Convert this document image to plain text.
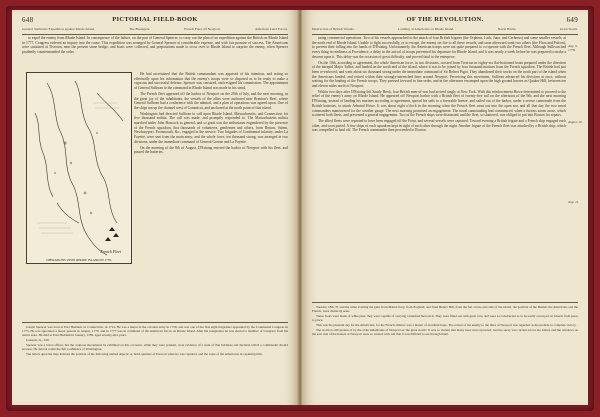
648	PICTORIAL FIELD-BOOK
General Sullivan's Expedition against Rhode Island.	The Besiegers.	French Fleet off Newport.	American Land Forces.

to expel the enemy from Rhode Island. In consequence of the failure, on the part of General Spencer, to carry out the plan of an expedition against the British on Rhode Island in 1777, Congress ordered an inquiry into the cause. This expedition was arranged by General Spencer at considerable expense, and with fair promise of success. The Americans were stationed at Tiverton, near the present stone bridge, and boats were collected, and preparations made to cross over to Rhode Island to surprise the enemy, when Spencer prudently countermanded the order.

French Fleet
OPERATIONS UPON RHODE ISLAND IN 1778.

He had ascertained that the British commandant was apprised of his intention, and acting so effectually upon his information that the enemy's troops were so disposed as to be ready to make a vigorous and successful defense. Spencer was censured, and resigned his commission. The appointment of General Sullivan to the command in Rhode Island was made in his stead.

The French fleet appeared off the harbor of Newport on the 29th of July, and the next morning, in the great joy of the inhabitants, the vessels of the allies were anchored near Brenton's Reef, where General Sullivan had a conference with the admiral, and a plan of operations was agreed upon. One of the ships ran up the channel west of Conanicut, and anchored at the north point of that island.

Washington had directed Sullivan to call upon Rhode Island, Massachusetts, and Connecticut for five thousand militia. The call was made, and promptly responded to. The Massachusetts militia marched under John Hancock as general; and so great was the enthusiasm engendered by the presence of the French squadron, that thousands of volunteers, gentlemen and others, from Boston, Salem, Newburyport, Portsmouth, &c., engaged in the service. Two brigades of Continental infantry, under La Fayette, were sent from the main army; and the whole force, ten thousand strong, was arranged in two divisions, under the immediate command of General Greene and La Fayette.

On the morning of the 8th of August, D'Estaing entered the harbor of Newport with his fleet, and passed the batteries.

Joseph Spencer was born at East Haddam, in Connecticut, in 1714. He was a major in the colonial army in 1758, and was one of the first eight brigadiers appointed by the Continental Congress in 1775. He was appointed a major general in August, 1776, and in 1777 was in command of the American forces on Rhode Island. After his resignation he was elected a member of Congress from his native state. He died at East Haddam in January, 1789, aged seventy-five years.

Journals, ix., 320.

Spencer was a brave officer, but the cautious movements he exhibited on this occasion, while they were prudent, were evidence of a want of that boldness and decision which a commander should possess. He did not retain the full confidence of Washington.

The letters upon the map indicate the position of the following named objects: A, head-quarters of Prescott when he was captured, and the route of the Americans in capturing him.

OF THE REVOLUTION.	649
Destruction of British Vessels.	Landing of Americans on Rhode Island.	Naval Battle.	Great Storm.

tating commercial operations. Two of his vessels approached to the attack of four British frigates (the Orpheus, Lark, Juno, and Cerberus) and some smaller vessels, at the north end of Rhode Island. Unable to fight successfully, or to escape, the enemy set fire to all these vessels, and soon afterward sunk two others (the Flora and Falcon), to prevent their falling into the hands of D'Estaing. Unfortunately, the American troops were not quite prepared to co-operate with the French fleet. Although Sullivan had every thing in readiness at Providence, a delay in the arrival of troops prevented his departure for Rhode Island, and it was nearly a week before he was prepared to make a descent upon it. This delay was the occasion of great difficulty, and proved fatal to the enterprise.

On the 10th, according to agreement, the whole American force, in two divisions, crossed from Tiverton in eighty-six flat-bottomed boats prepared under the direction of the intrepid Major Talbot, and landed on the north end of the island, where it was to be joined by four thousand marines from the French squadron. The British had just been re-enforced, and went about six thousand strong under the immediate command of Sir Robert Pigot. They abandoned their works on the north part of the island when the Americans landed, and retired within their strongly-intrenched lines around Newport. Perceiving this movement, Sullivan advanced his divisions at once, without waiting for the landing of the French troops. They pressed forward in fine order, and in the afternoon encamped upon the high ground known as Quaker Hill, between ten and eleven miles north of Newport.

Within two days after D'Estaing left Sandy Hook, four British men-of-war had arrived singly at New York. With this reinforcement Howe determined to proceed to the relief of the enemy's army on Rhode Island. He appeared off Newport harbor with a British fleet of twenty-five sail on the afternoon of the 9th; and the next morning D'Estaing, instead of landing his marines according to agreement, spread his sails to a favorable breeze, and sailed out of the harbor, under a severe cannonade from the British batteries, to attack Admiral Howe. It was about eight o'clock in the morning when the French fleet went out into the open sea, and all that day the two naval commanders maneuvered for the weather gauge. The next morning promised an engagement. The naval cannonading had commenced, when a furious storm arose, which scattered both fleets, and prevented a general engagement. Two of the French ships were dismasted, and the fleet, so shattered, was obliged to put into Boston for repairs.

The allied fleets were reported to have been engaged off the Point, and several vessels were captured. Toward evening a British frigate and a French ship engaged each other, and soon parted. A few ships of each squadron kept in sight of each other through the night. Another frigate of the French fleet was attacked by a British ship, which was compelled to haul off. The French commander then proceeded to Boston.

Aug. 9, 1778.
August 10.
Aug. 11.

Tuesday 18th. H. and the same evening the guns from Bristol ferry, from Fogland, and from Butts's Hill, from the fort on the east side of the island, the position of the British, the Americans and the French, were distinctly seen.

These boats were made of white pine; they were capable of carrying a hundred men each. They were fitted out with great care, and were so constructed as to be easily conveyed on wheels from place to place.

This was the pleasant day for the Americans, for the French alliance was a matter of excellent hope. The retreat of the enemy to the lines of Newport was regarded as the prelude to complete victory.

The storm is still spoken of by the older inhabitants of Newport as 'the great storm.' It was so violent that many trees were uprooted, and the spray was carried across the island, and the windows on the east side of the houses at Newport were so crusted with salt that it was difficult to see through them.
